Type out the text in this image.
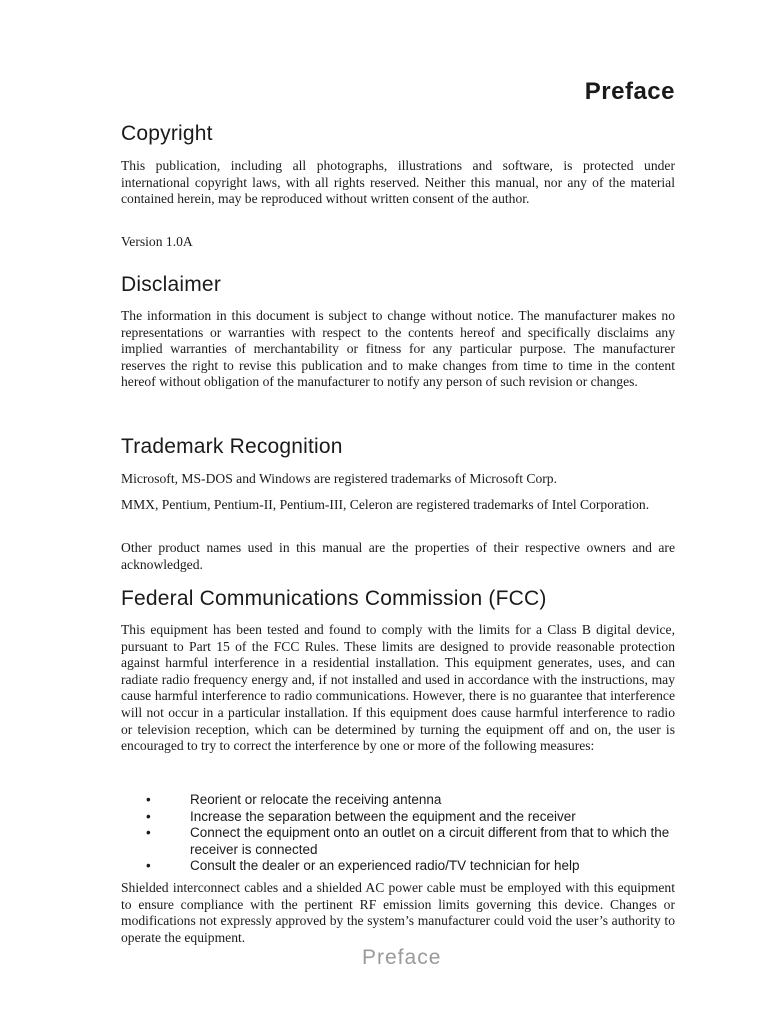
Preface
Copyright

This publication, including all photographs, illustrations and software, is protected under international copyright laws, with all rights reserved. Neither this manual, nor any of the material contained herein, may be reproduced without written consent of the author.

Version 1.0A

Disclaimer

The information in this document is subject to change without notice. The manufacturer makes no representations or warranties with respect to the contents hereof and specifically disclaims any implied warranties of merchantability or fitness for any particular purpose. The manufacturer reserves the right to revise this publication and to make changes from time to time in the content hereof without obligation of the manufacturer to notify any person of such revision or changes.

Trademark Recognition

Microsoft, MS-DOS and Windows are registered trademarks of Microsoft Corp.

MMX, Pentium, Pentium-II, Pentium-III, Celeron are registered trademarks of Intel Corporation.

Other product names used in this manual are the properties of their respective owners and are acknowledged.

Federal Communications Commission (FCC)

This equipment has been tested and found to comply with the limits for a Class B digital device, pursuant to Part 15 of the FCC Rules. These limits are designed to provide reasonable protection against harmful interference in a residential installation. This equipment generates, uses, and can radiate radio frequency energy and, if not installed and used in accordance with the instructions, may cause harmful interference to radio communications. However, there is no guarantee that interference will not occur in a particular installation. If this equipment does cause harmful interference to radio or television reception, which can be determined by turning the equipment off and on, the user is encouraged to try to correct the interference by one or more of the following measures:

•	Reorient or relocate the receiving antenna
•	Increase the separation between the equipment and the receiver
•	Connect the equipment onto an outlet on a circuit different from that to which the receiver is connected
•	Consult the dealer or an experienced radio/TV technician for help

Shielded interconnect cables and a shielded AC power cable must be employed with this equipment to ensure compliance with the pertinent RF emission limits governing this device. Changes or modifications not expressly approved by the system’s manufacturer could void the user’s authority to operate the equipment.

Preface
